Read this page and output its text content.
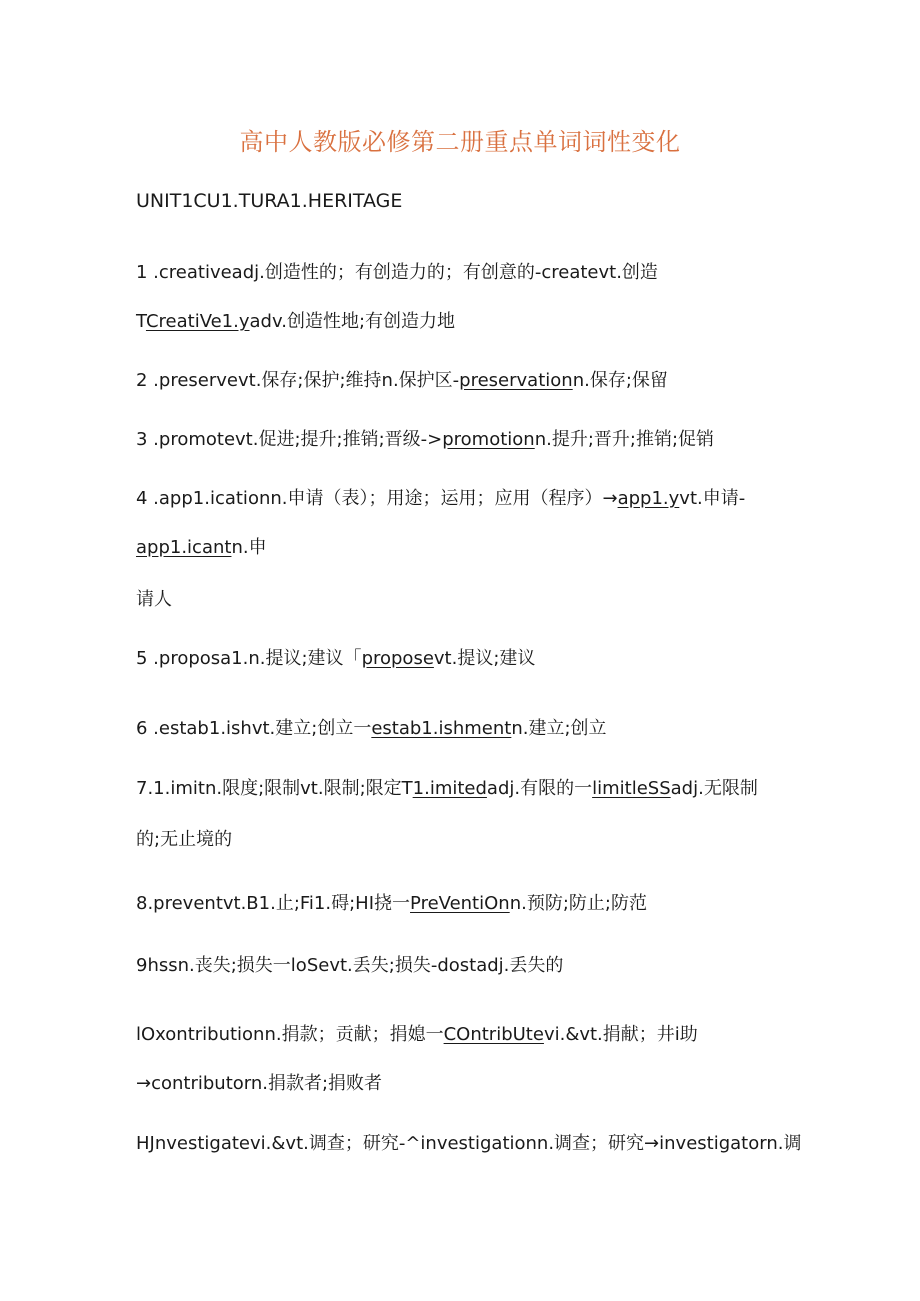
高中人教版必修第二册重点单词词性变化
UNIT1CU1.TURA1.HERITAGE
1 .creativeadj.创造性的；有创造力的；有创意的-createvt.创造
TCreatiVe1.yadv.创造性地;有创造力地
2 .preservevt.保存;保护;维持n.保护区-preservationn.保存;保留
3 .promotevt.促进;提升;推销;晋级->promotionn.提升;晋升;推销;促销
4 .app1.icationn.申请（表）；用途；运用；应用（程序）→app1.yvt.申请-
app1.icantn.申
请人
5 .proposa1.n.提议;建议「proposevt.提议;建议
6 .estab1.ishvt.建立;创立一estab1.ishmentn.建立;创立
7.1.imitn.限度;限制vt.限制;限定T1.imitedadj.有限的一limitleSSadj.无限制
的;无止境的
8.preventvt.B1.止;Fi1.碍;HI挠一PreVentiOnn.预防;防止;防范
9hssn.丧失;损失一loSevt.丢失;损失-dostadj.丢失的
lOxontributionn.捐款；贡献；捐媳一COntribUtevi.&vt.捐献；井i助
→contributorn.捐款者;捐败者
HJnvestigatevi.&vt.调查；研究-^investigationn.调查；研究→investigatorn.调
